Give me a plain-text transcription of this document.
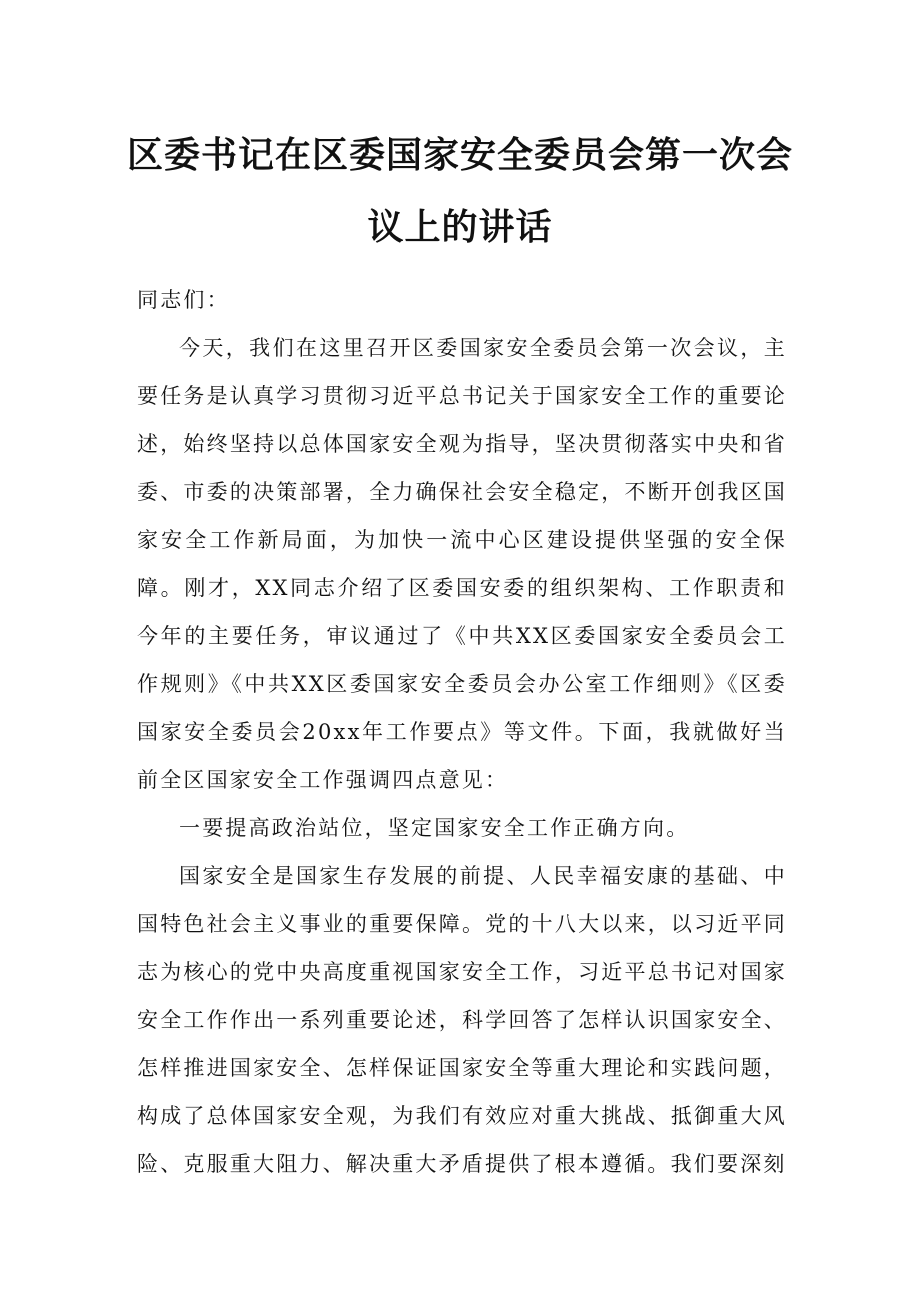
区委书记在区委国家安全委员会第一次会
议上的讲话

同志们：

今天，我们在这里召开区委国家安全委员会第一次会议，主要任务是认真学习贯彻习近平总书记关于国家安全工作的重要论述，始终坚持以总体国家安全观为指导，坚决贯彻落实中央和省委、市委的决策部署，全力确保社会安全稳定，不断开创我区国家安全工作新局面，为加快一流中心区建设提供坚强的安全保障。刚才，XX同志介绍了区委国安委的组织架构、工作职责和今年的主要任务，审议通过了《中共XX区委国家安全委员会工作规则》《中共XX区委国家安全委员会办公室工作细则》《区委国家安全委员会20xx年工作要点》等文件。下面，我就做好当前全区国家安全工作强调四点意见：

一要提高政治站位，坚定国家安全工作正确方向。

国家安全是国家生存发展的前提、人民幸福安康的基础、中国特色社会主义事业的重要保障。党的十八大以来，以习近平同志为核心的党中央高度重视国家安全工作，习近平总书记对国家安全工作作出一系列重要论述，科学回答了怎样认识国家安全、怎样推进国家安全、怎样保证国家安全等重大理论和实践问题，构成了总体国家安全观，为我们有效应对重大挑战、抵御重大风险、克服重大阻力、解决重大矛盾提供了根本遵循。我们要深刻
